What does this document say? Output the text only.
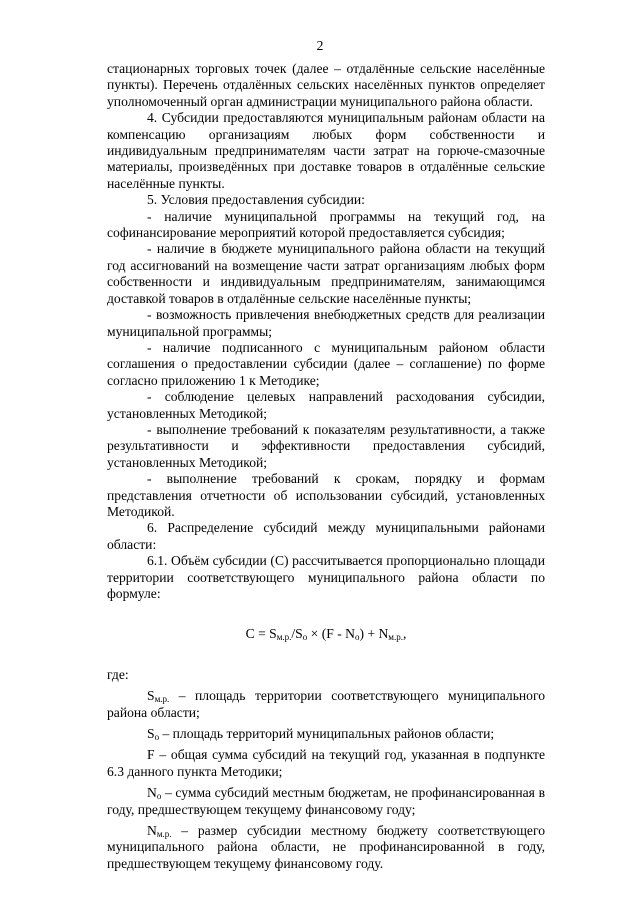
2

стационарных торговых точек (далее – отдалённые сельские населённые пункты). Перечень отдалённых сельских населённых пунктов определяет уполномоченный орган администрации муниципального района области.

4. Субсидии предоставляются муниципальным районам области на компенсацию организациям любых форм собственности и индивидуальным предпринимателям части затрат на горюче-смазочные материалы, произведённых при доставке товаров в отдалённые сельские населённые пункты.

5. Условия предоставления субсидии:

- наличие муниципальной программы на текущий год, на софинансирование мероприятий которой предоставляется субсидия;

- наличие в бюджете муниципального района области на текущий год ассигнований на возмещение части затрат организациям любых форм собственности и индивидуальным предпринимателям, занимающимся доставкой товаров в отдалённые сельские населённые пункты;

- возможность привлечения внебюджетных средств для реализации муниципальной программы;

- наличие подписанного с муниципальным районом области соглашения о предоставлении субсидии (далее – соглашение) по форме согласно приложению 1 к Методике;

- соблюдение целевых направлений расходования субсидии, установленных Методикой;

- выполнение требований к показателям результативности, а также результативности и эффективности предоставления субсидий, установленных Методикой;

- выполнение требований к срокам, порядку и формам представления отчетности об использовании субсидий, установленных Методикой.

6. Распределение субсидий между муниципальными районами области:

6.1. Объём субсидии (С) рассчитывается пропорционально площади территории соответствующего муниципального района области по формуле:

$C = S_{м.р.}/S_о \times (F - N_о) + N_{м.р.}$,

где:

$S_{м.р.}$ – площадь территории соответствующего муниципального района области;

$S_о$ – площадь территорий муниципальных районов области;

F – общая сумма субсидий на текущий год, указанная в подпункте 6.3 данного пункта Методики;

$N_о$ – сумма субсидий местным бюджетам, не профинансированная в году, предшествующем текущему финансовому году;

$N_{м.р.}$ – размер субсидии местному бюджету соответствующего муниципального района области, не профинансированной в году, предшествующем текущему финансовому году.
